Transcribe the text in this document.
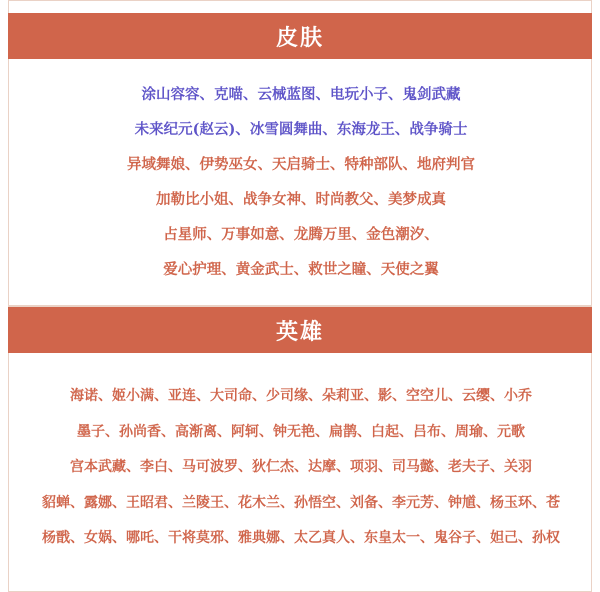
皮肤
涂山容容、克喵、云械蓝图、电玩小子、鬼剑武藏
未来纪元(赵云)、冰雪圆舞曲、东海龙王、战争骑士
异域舞娘、伊势巫女、天启骑士、特种部队、地府判官
加勒比小姐、战争女神、时尚教父、美梦成真
占星师、万事如意、龙腾万里、金色潮汐、
爱心护理、黄金武士、救世之瞳、天使之翼
英雄
海诺、姬小满、亚连、大司命、少司缘、朵莉亚、影、空空儿、云缨、小乔
墨子、孙尚香、高渐离、阿轲、钟无艳、扁鹊、白起、吕布、周瑜、元歌
宫本武藏、李白、马可波罗、狄仁杰、达摩、项羽、司马懿、老夫子、关羽
貂蝉、露娜、王昭君、兰陵王、花木兰、孙悟空、刘备、李元芳、钟馗、杨玉环、苍
杨戬、女娲、哪吒、干将莫邪、雅典娜、太乙真人、东皇太一、鬼谷子、妲己、孙权
